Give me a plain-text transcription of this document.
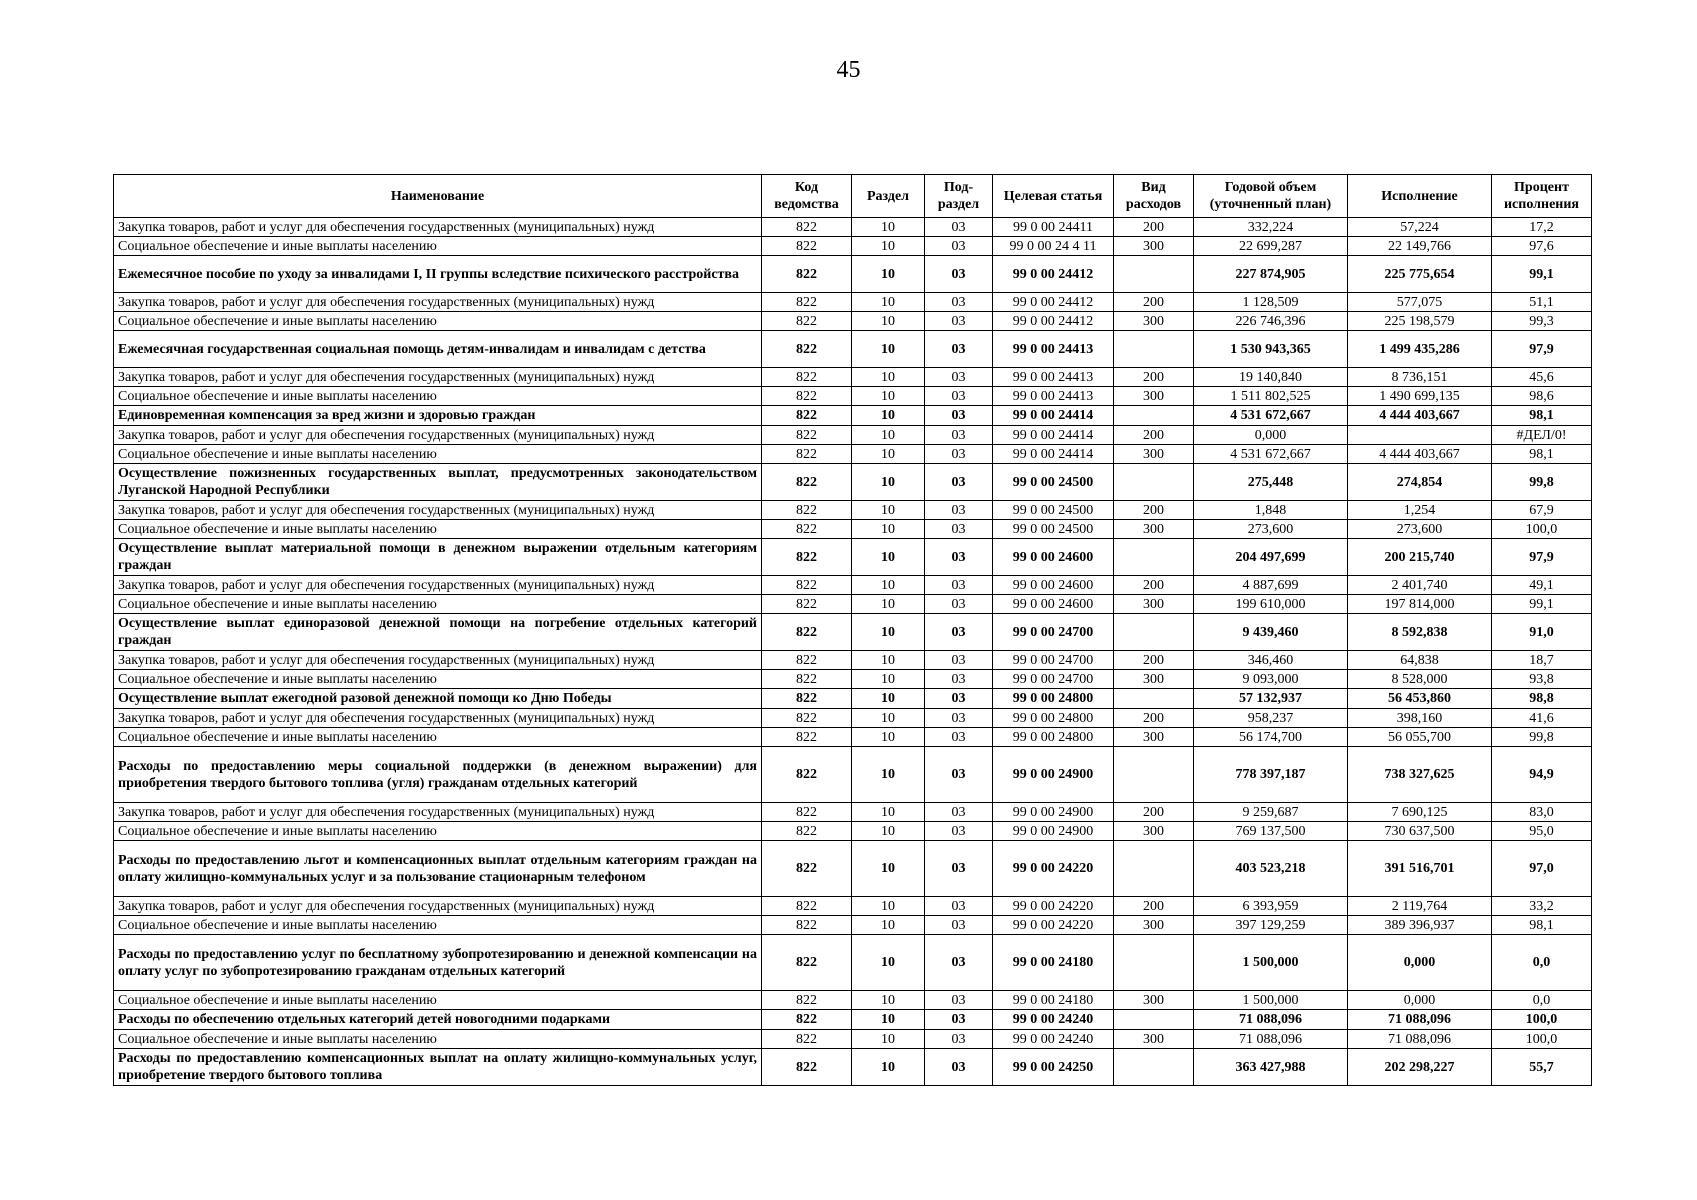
45
Наименование	Код ведомства	Раздел	Под- раздел	Целевая статья	Вид расходов	Годовой объем (уточненный план)	Исполнение	Процент исполнения
Закупка товаров, работ и услуг для обеспечения государственных (муниципальных) нужд	822	10	03	99 0 00 24411	200	332,224	57,224	17,2
Социальное обеспечение и иные выплаты населению	822	10	03	99 0 00 24 4 11	300	22 699,287	22 149,766	97,6
Ежемесячное пособие по уходу за инвалидами I, II группы вследствие психического расстройства	822	10	03	99 0 00 24412		227 874,905	225 775,654	99,1
Закупка товаров, работ и услуг для обеспечения государственных (муниципальных) нужд	822	10	03	99 0 00 24412	200	1 128,509	577,075	51,1
Социальное обеспечение и иные выплаты населению	822	10	03	99 0 00 24412	300	226 746,396	225 198,579	99,3
Ежемесячная государственная социальная помощь детям-инвалидам и инвалидам с детства	822	10	03	99 0 00 24413		1 530 943,365	1 499 435,286	97,9
Закупка товаров, работ и услуг для обеспечения государственных (муниципальных) нужд	822	10	03	99 0 00 24413	200	19 140,840	8 736,151	45,6
Социальное обеспечение и иные выплаты населению	822	10	03	99 0 00 24413	300	1 511 802,525	1 490 699,135	98,6
Единовременная компенсация за вред жизни и здоровью граждан	822	10	03	99 0 00 24414		4 531 672,667	4 444 403,667	98,1
Закупка товаров, работ и услуг для обеспечения государственных (муниципальных) нужд	822	10	03	99 0 00 24414	200	0,000		#ДЕЛ/0!
Социальное обеспечение и иные выплаты населению	822	10	03	99 0 00 24414	300	4 531 672,667	4 444 403,667	98,1
Осуществление пожизненных государственных выплат, предусмотренных законодательством Луганской Народной Республики	822	10	03	99 0 00 24500		275,448	274,854	99,8
Закупка товаров, работ и услуг для обеспечения государственных (муниципальных) нужд	822	10	03	99 0 00 24500	200	1,848	1,254	67,9
Социальное обеспечение и иные выплаты населению	822	10	03	99 0 00 24500	300	273,600	273,600	100,0
Осуществление выплат материальной помощи в денежном выражении отдельным категориям граждан	822	10	03	99 0 00 24600		204 497,699	200 215,740	97,9
Закупка товаров, работ и услуг для обеспечения государственных (муниципальных) нужд	822	10	03	99 0 00 24600	200	4 887,699	2 401,740	49,1
Социальное обеспечение и иные выплаты населению	822	10	03	99 0 00 24600	300	199 610,000	197 814,000	99,1
Осуществление выплат единоразовой денежной помощи на погребение отдельных категорий граждан	822	10	03	99 0 00 24700		9 439,460	8 592,838	91,0
Закупка товаров, работ и услуг для обеспечения государственных (муниципальных) нужд	822	10	03	99 0 00 24700	200	346,460	64,838	18,7
Социальное обеспечение и иные выплаты населению	822	10	03	99 0 00 24700	300	9 093,000	8 528,000	93,8
Осуществление выплат ежегодной разовой денежной помощи ко Дню Победы	822	10	03	99 0 00 24800		57 132,937	56 453,860	98,8
Закупка товаров, работ и услуг для обеспечения государственных (муниципальных) нужд	822	10	03	99 0 00 24800	200	958,237	398,160	41,6
Социальное обеспечение и иные выплаты населению	822	10	03	99 0 00 24800	300	56 174,700	56 055,700	99,8
Расходы по предоставлению меры социальной поддержки (в денежном выражении) для приобретения твердого бытового топлива (угля) гражданам отдельных категорий	822	10	03	99 0 00 24900		778 397,187	738 327,625	94,9
Закупка товаров, работ и услуг для обеспечения государственных (муниципальных) нужд	822	10	03	99 0 00 24900	200	9 259,687	7 690,125	83,0
Социальное обеспечение и иные выплаты населению	822	10	03	99 0 00 24900	300	769 137,500	730 637,500	95,0
Расходы по предоставлению льгот и компенсационных выплат отдельным категориям граждан на оплату жилищно-коммунальных услуг и за пользование стационарным телефоном	822	10	03	99 0 00 24220		403 523,218	391 516,701	97,0
Закупка товаров, работ и услуг для обеспечения государственных (муниципальных) нужд	822	10	03	99 0 00 24220	200	6 393,959	2 119,764	33,2
Социальное обеспечение и иные выплаты населению	822	10	03	99 0 00 24220	300	397 129,259	389 396,937	98,1
Расходы по предоставлению услуг по бесплатному зубопротезированию и денежной компенсации на оплату услуг по зубопротезированию гражданам отдельных категорий	822	10	03	99 0 00 24180		1 500,000	0,000	0,0
Социальное обеспечение и иные выплаты населению	822	10	03	99 0 00 24180	300	1 500,000	0,000	0,0
Расходы по обеспечению отдельных категорий детей новогодними подарками	822	10	03	99 0 00 24240		71 088,096	71 088,096	100,0
Социальное обеспечение и иные выплаты населению	822	10	03	99 0 00 24240	300	71 088,096	71 088,096	100,0
Расходы по предоставлению компенсационных выплат на оплату жилищно-коммунальных услуг, приобретение твердого бытового топлива	822	10	03	99 0 00 24250		363 427,988	202 298,227	55,7
